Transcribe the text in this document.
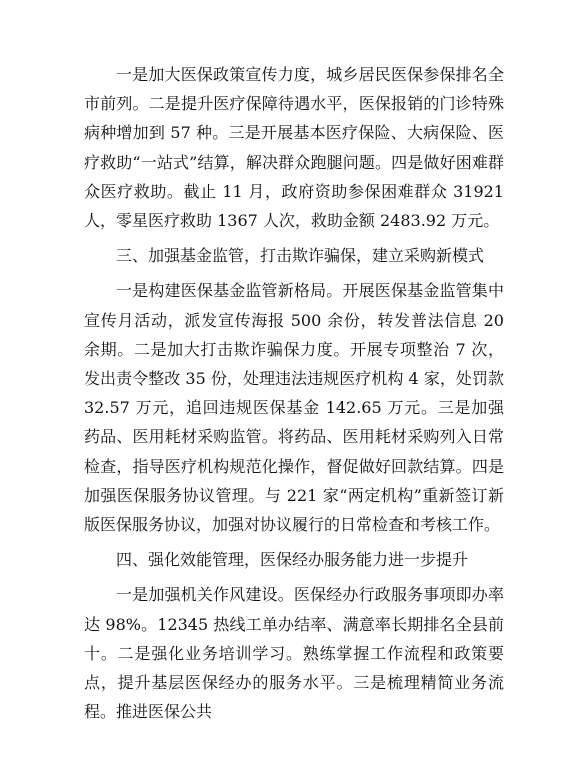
一是加大医保政策宣传力度，城乡居民医保参保排名全市前列。二是提升医疗保障待遇水平，医保报销的门诊特殊病种增加到 57 种。三是开展基本医疗保险、大病保险、医疗救助“一站式”结算，解决群众跑腿问题。四是做好困难群众医疗救助。截止 11 月，政府资助参保困难群众 31921 人，零星医疗救助 1367 人次，救助金额 2483.92 万元。

三、加强基金监管，打击欺诈骗保，建立采购新模式

一是构建医保基金监管新格局。开展医保基金监管集中宣传月活动，派发宣传海报 500 余份，转发普法信息 20 余期。二是加大打击欺诈骗保力度。开展专项整治 7 次，发出责令整改 35 份，处理违法违规医疗机构 4 家，处罚款 32.57 万元，追回违规医保基金 142.65 万元。三是加强药品、医用耗材采购监管。将药品、医用耗材采购列入日常检查，指导医疗机构规范化操作，督促做好回款结算。四是加强医保服务协议管理。与 221 家“两定机构”重新签订新版医保服务协议，加强对协议履行的日常检查和考核工作。

四、强化效能管理，医保经办服务能力进一步提升

一是加强机关作风建设。医保经办行政服务事项即办率达 98%。12345 热线工单办结率、满意率长期排名全县前十。二是强化业务培训学习。熟练掌握工作流程和政策要点，提升基层医保经办的服务水平。三是梳理精简业务流程。推进医保公共
